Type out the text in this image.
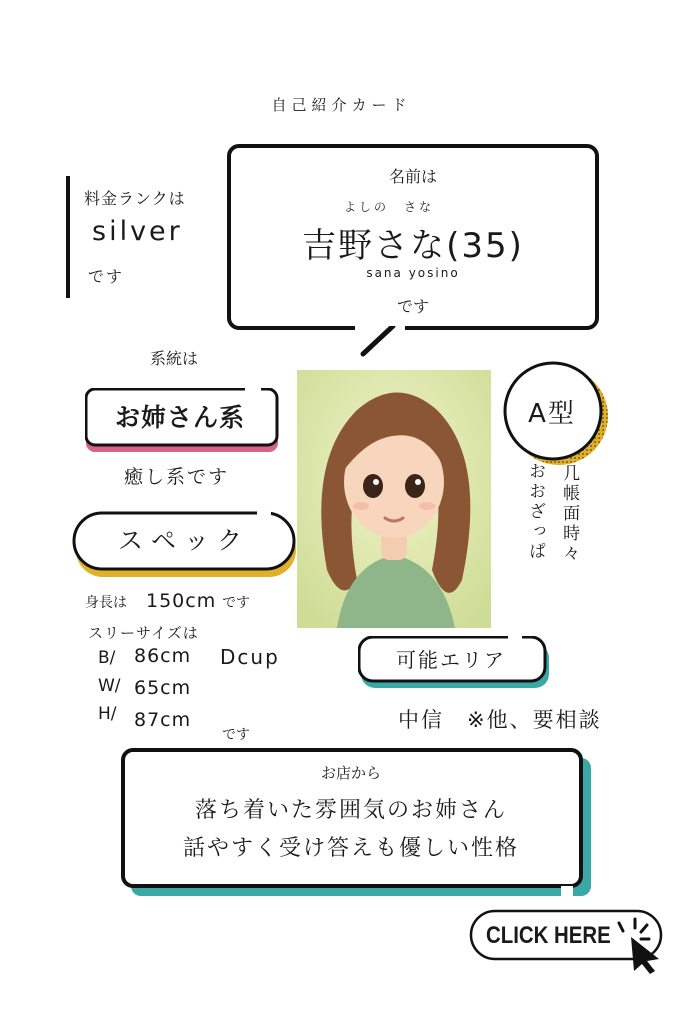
自己紹介カード
料金ランクは
silver
です
名前は
よしの　さな
吉野さな(35)
sana yosino
です
系統は
お姉さん系
癒し系です
A型
几帳面時々
おおざっぱ
スペック
身長は 150cm です
スリーサイズは
B/ 86cm Dcup
W/ 65cm
H/ 87cm
です
可能エリア
中信　※他、要相談
お店から
落ち着いた雰囲気のお姉さん
話やすく受け答えも優しい性格
CLICK HERE
